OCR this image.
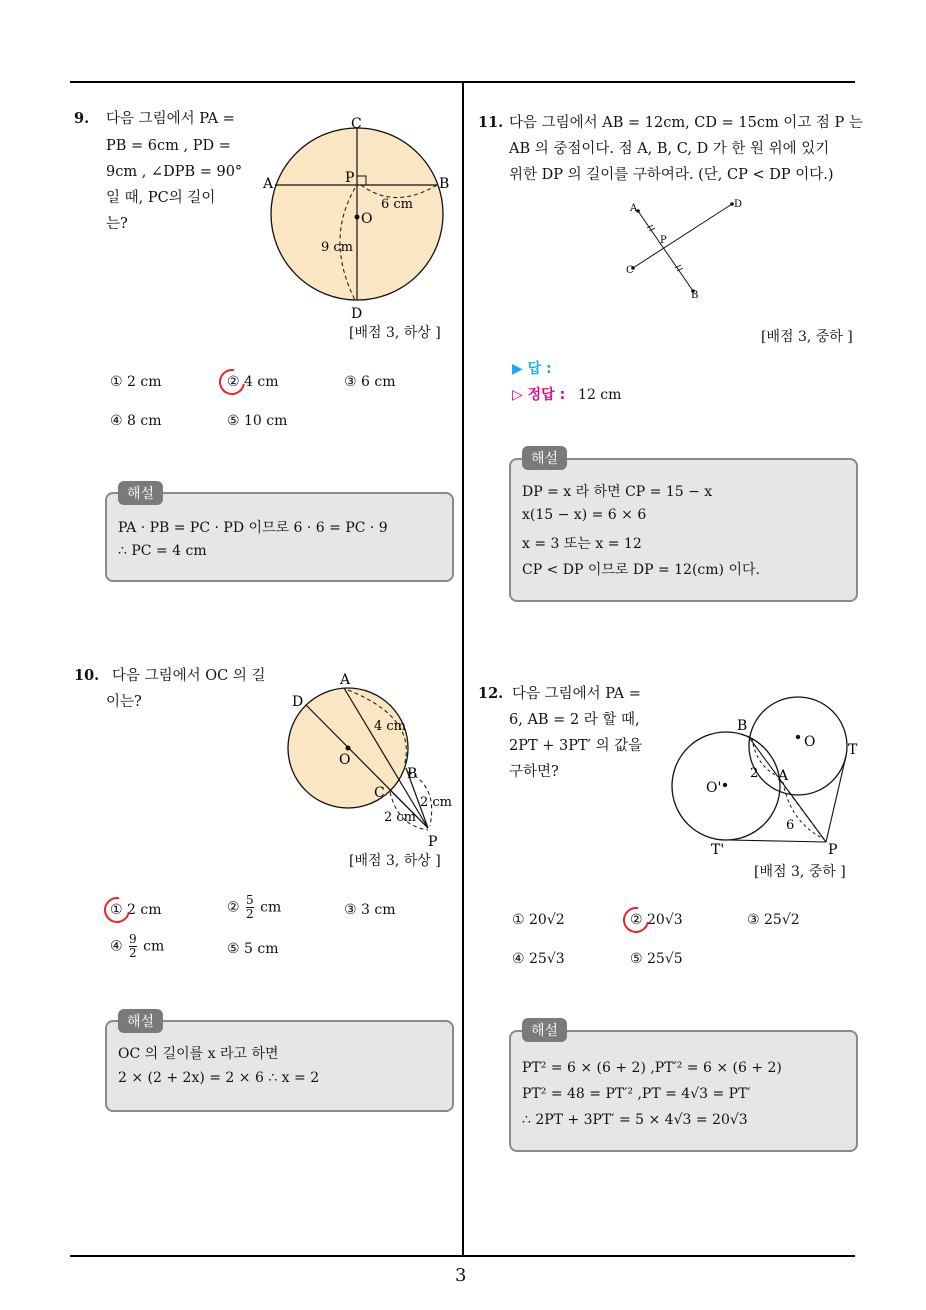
3
9. 다음 그림에서 PA =
PB = 6cm , PD =
9cm , ∠DPB = 90°
일 때, PC의 길이
는?
C
A	P	B
O
6 cm
9 cm
D
[배점 3, 하상 ]
① 2 cm	② 4 cm	③ 6 cm
④ 8 cm	⑤ 10 cm
해설
PA · PB = PC · PD 이므로 6 · 6 = PC · 9
∴ PC = 4 cm
10. 다음 그림에서 OC 의 길
이는?
A
D
O
4 cm
B
C
2 cm
2 cm
P
[배점 3, 하상 ]
① 2 cm	② $\frac{5}{2}$ cm	③ 3 cm
④ $\frac{9}{2}$ cm	⑤ 5 cm
해설
OC 의 길이를 x 라고 하면
2 × (2 + 2x) = 2 × 6 ∴ x = 2
11. 다음 그림에서 AB = 12cm, CD = 15cm 이고 점 P 는
AB 의 중점이다. 점 A, B, C, D 가 한 원 위에 있기
위한 DP 의 길이를 구하여라. (단, CP < DP 이다.)
A	D
P
C
B
[배점 3, 중하 ]
▶ 답 :
▷ 정답 : 12 cm
해설
DP = x 라 하면 CP = 15 − x
x(15 − x) = 6 × 6
x = 3 또는 x = 12
CP < DP 이므로 DP = 12(cm) 이다.
12. 다음 그림에서 PA =
6, AB = 2 라 할 때,
2PT + 3PT′ 의 값을
구하면?
B
O T
2 A
O'
6
T'	P
[배점 3, 중하 ]
① 20√2	② 20√3	③ 25√2
④ 25√3	⑤ 25√5
해설
PT² = 6 × (6 + 2) ,PT′² = 6 × (6 + 2)
PT² = 48 = PT′² ,PT = 4√3 = PT′
∴ 2PT + 3PT′ = 5 × 4√3 = 20√3
